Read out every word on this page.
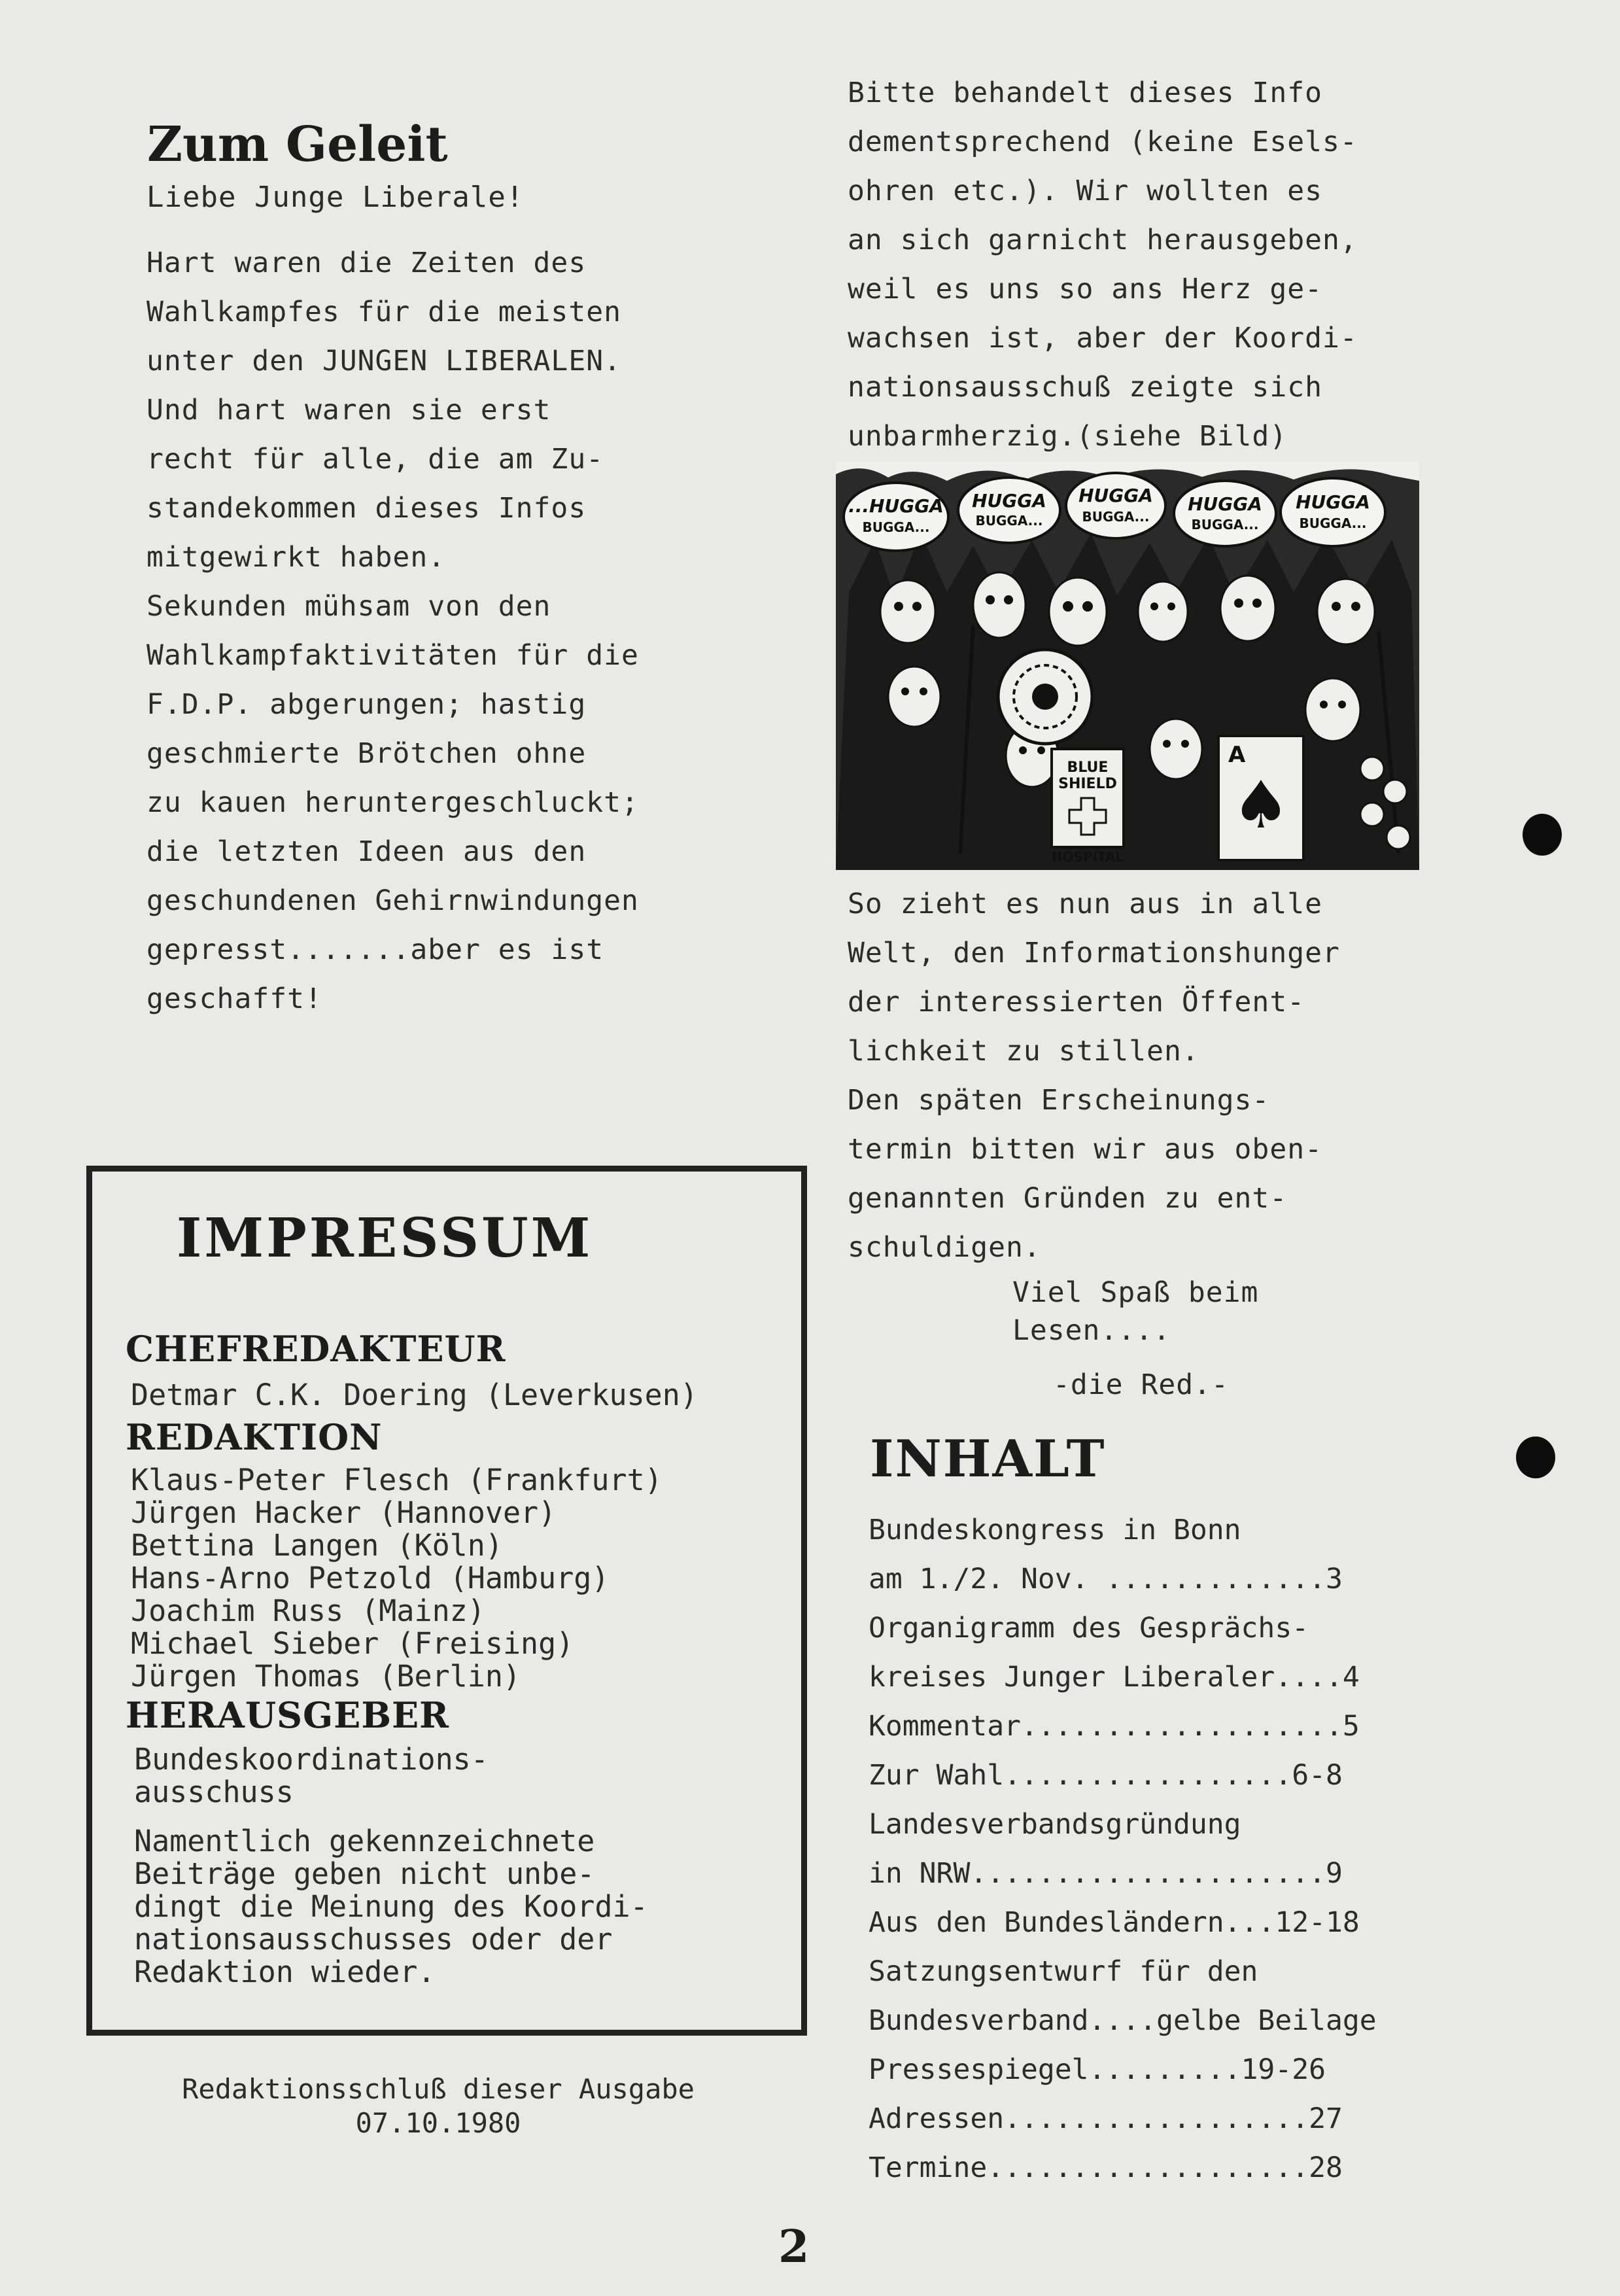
Zum Geleit
Liebe Junge Liberale!
Hart waren die Zeiten des
Wahlkampfes für die meisten
unter den JUNGEN LIBERALEN.
Und hart waren sie erst
recht für alle, die am Zu-
standekommen dieses Infos
mitgewirkt haben.
Sekunden mühsam von den
Wahlkampfaktivitäten für die
F.D.P. abgerungen; hastig
geschmierte Brötchen ohne
zu kauen heruntergeschluckt;
die letzten Ideen aus den
geschundenen Gehirnwindungen
gepresst.......aber es ist
geschafft!
Bitte behandelt dieses Info
dementsprechend (keine Esels-
ohren etc.). Wir wollten es
an sich garnicht herausgeben,
weil es uns so ans Herz ge-
wachsen ist, aber der Koordi-
nationsausschuß zeigte sich
unbarmherzig.(siehe Bild)
...HUGGA
BUGGA...
HUGGA
BUGGA...
HUGGA
BUGGA...
HUGGA
BUGGA...
HUGGA
BUGGA...
BLUE
SHIELD
HOSPITAL
A
♠
So zieht es nun aus in alle
Welt, den Informationshunger
der interessierten Öffent-
lichkeit zu stillen.
Den späten Erscheinungs-
termin bitten wir aus oben-
genannten Gründen zu ent-
schuldigen.
Viel Spaß beim
Lesen....
-die Red.-
IMPRESSUM
CHEFREDAKTEUR
Detmar C.K. Doering (Leverkusen)
REDAKTION
Klaus-Peter Flesch (Frankfurt)
Jürgen Hacker (Hannover)
Bettina Langen (Köln)
Hans-Arno Petzold (Hamburg)
Joachim Russ (Mainz)
Michael Sieber (Freising)
Jürgen Thomas (Berlin)
HERAUSGEBER
Bundeskoordinations-
ausschuss
Namentlich gekennzeichnete
Beiträge geben nicht unbe-
dingt die Meinung des Koordi-
nationsausschusses oder der
Redaktion wieder.
Redaktionsschluß dieser Ausgabe
07.10.1980
INHALT
Bundeskongress in Bonn
am 1./2. Nov. .............3
Organigramm des Gesprächs-
kreises Junger Liberaler....4
Kommentar...................5
Zur Wahl.................6-8
Landesverbandsgründung
in NRW.....................9
Aus den Bundesländern...12-18
Satzungsentwurf für den
Bundesverband....gelbe Beilage
Pressespiegel.........19-26
Adressen..................27
Termine...................28
2
